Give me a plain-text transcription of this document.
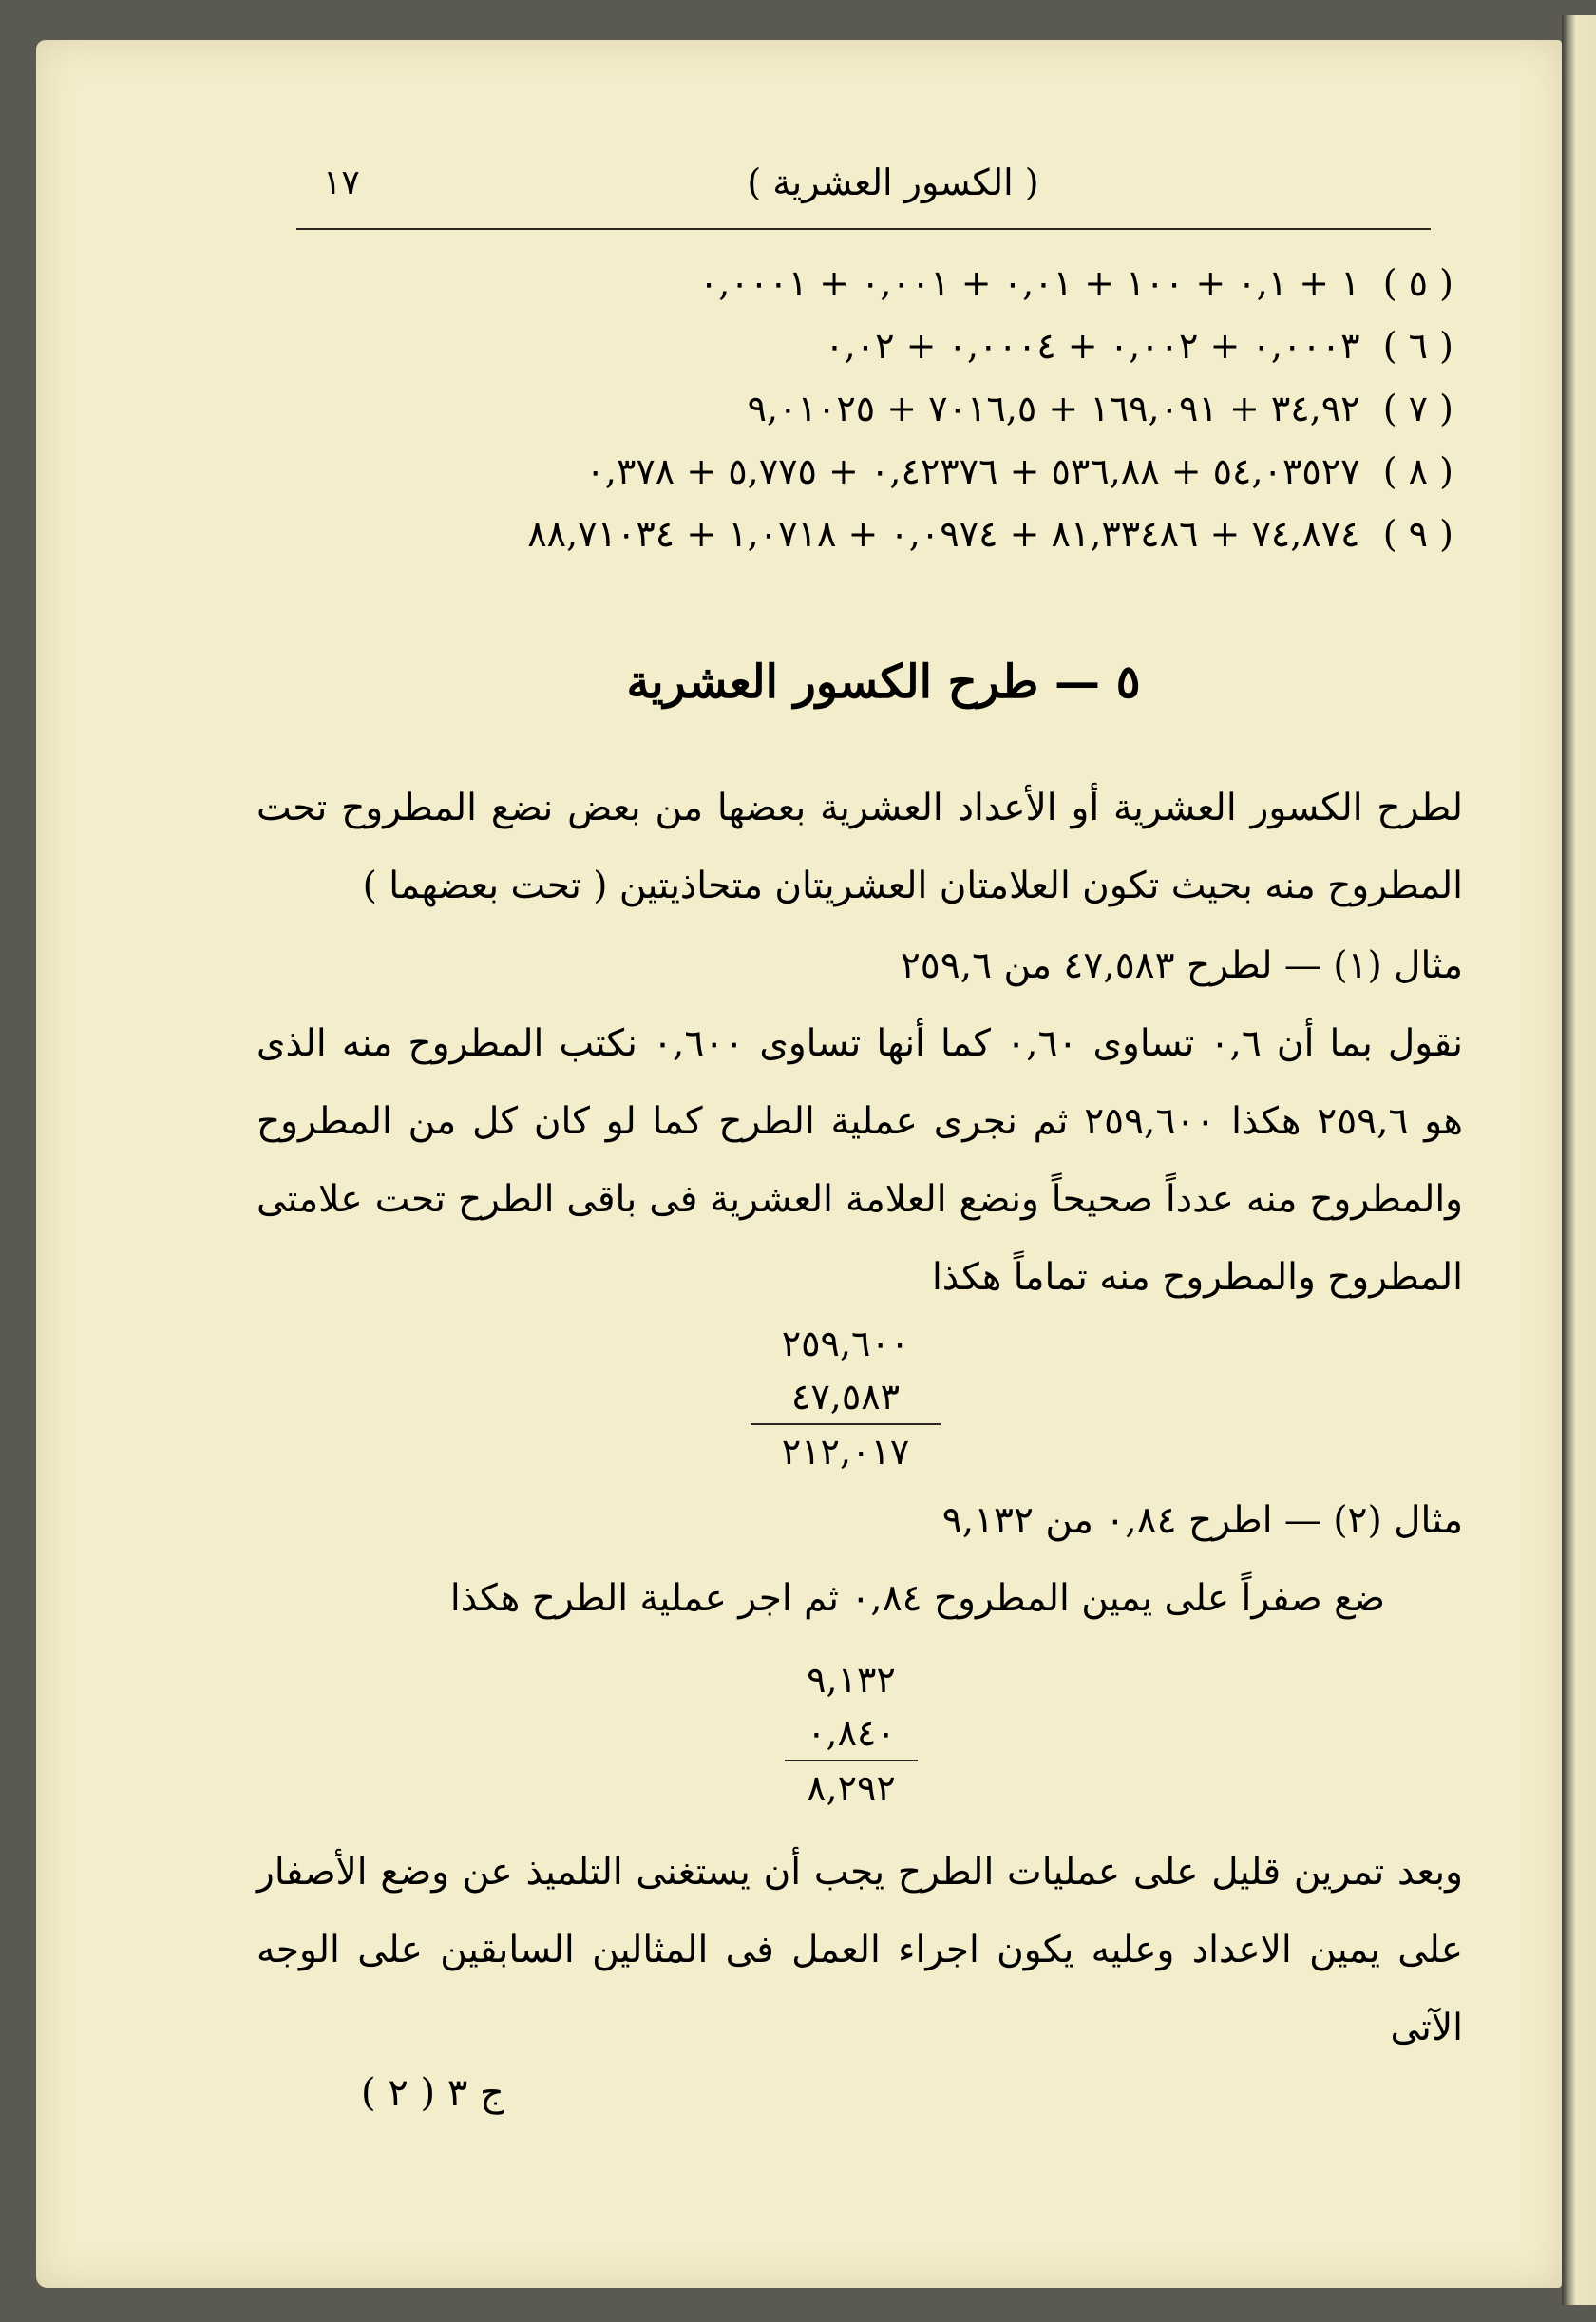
١٧	( الكسور العشرية )
( ٥ )  ١ + ٠,١ + ١٠٠ + ٠,٠١ + ٠,٠٠١ + ٠,٠٠٠١
( ٦ )  ٠,٠٠٠٣ + ٠,٠٠٢ + ٠,٠٠٠٤ + ٠,٠٢
( ٧ )  ٣٤,٩٢ + ١٦٩,٠٩١ + ٧٠١٦,٥ + ٩,٠١٠٢٥
( ٨ )  ٥٤,٠٣٥٢٧ + ٥٣٦,٨٨ + ٠,٤٢٣٧٦ + ٥,٧٧٥ + ٠,٣٧٨
( ٩ )  ٧٤,٨٧٤ + ٨١,٣٣٤٨٦ + ٠,٠٩٧٤ + ١,٠٧١٨ + ٨٨,٧١٠٣٤
٥ — طرح الكسور العشرية
لطرح الكسور العشرية أو الأعداد العشرية بعضها من بعض نضع المطروح تحت المطروح منه بحيث تكون العلامتان العشريتان متحاذيتين ( تحت بعضهما )
مثال (١) — لطرح ٤٧,٥٨٣ من ٢٥٩,٦
نقول بما أن ٠,٦ تساوى ٠,٦٠ كما أنها تساوى ٠,٦٠٠ نكتب المطروح منه الذى هو ٢٥٩,٦ هكذا ٢٥٩,٦٠٠ ثم نجرى عملية الطرح كما لو كان كل من المطروح والمطروح منه عدداً صحيحاً ونضع العلامة العشرية فى باقى الطرح تحت علامتى المطروح والمطروح منه تماماً هكذا
٢٥٩,٦٠٠
٤٧,٥٨٣
٢١٢,٠١٧
مثال (٢) — اطرح ٠,٨٤ من ٩,١٣٢
ضع صفراً على يمين المطروح ٠,٨٤ ثم اجر عملية الطرح هكذا
٩,١٣٢
٠,٨٤٠
٨,٢٩٢
وبعد تمرين قليل على عمليات الطرح يجب أن يستغنى التلميذ عن وضع الأصفار على يمين الاعداد وعليه يكون اجراء العمل فى المثالين السابقين على الوجه الآتى
ج ٣ ( ٢ )
